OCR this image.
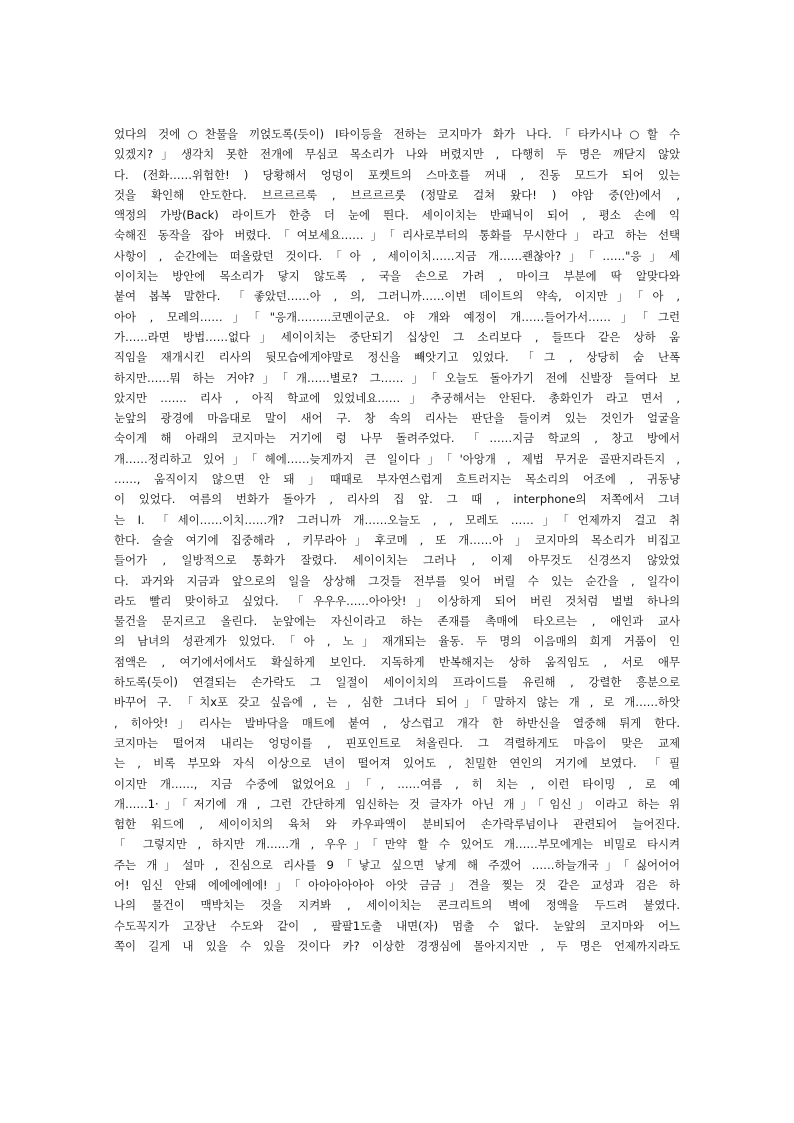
었다의 것에○찬물을 끼얹도록(듯이) I타이등을 전하는 코지마가 화가 나다.「타카시나○할 수
있겠지?」생각치 못한 전개에 무심코 목소리가 나와 버렸지만 , 다행히 두 명은 깨닫지 않았
다. (전화……위험한! ) 당황해서 엉덩이 포켓트의 스마호를 꺼내 , 진동 모드가 되어 있는
것을 확인해 안도한다. 브르르르룩 , 브르르르룻 (정말로 걸쳐 왔다! ) 야암 중(안)에서 ,
액정의 가방(Back) 라이트가 한층 더 눈에 띈다. 세이이치는 반패닉이 되어 , 평소 손에 익
숙해진 동작을 잡아 버렸다.「여보세요……」「리사로부터의 통화를 무시한다」라고 하는 선택
사항이 , 순간에는 떠올랐던 것이다.「아 , 세이이치……지금 개……괜찮아?」「……"응」세
이이치는 방안에 목소리가 닿지 않도록 , 국을 손으로 가려 , 마이크 부분에 딱 알맞다와
붙여 봅복 말한다. 「좋았던……아 , 의, 그러니까……이번 데이트의 약속, 이지만」「아 ,
아아 , 모레의……」「"응개………코멘이군요. 야 개와 예정이 개……들어가서……」「그런
가……라면 방법……없다」세이이치는 중단되기 십상인 그 소리보다 , 들뜨다 같은 상하 움
직임을 재개시킨 리사의 뒷모습에게야말로 정신을 빼앗기고 있었다. 「그 , 상당히 숨 난폭
하지만……뭐 하는 거야?」「개……별로? 그……」「오늘도 돌아가기 전에 신발장 들여다 보
았지만 ……. 리사 , 아직 학교에 있었네요……」추궁해서는 안된다. 총화인가 라고 면서 ,
눈앞의 광경에 마음대로 말이 새어 구. 창 속의 리사는 판단을 들이켜 있는 것인가 얼굴을
숙이게 해 아래의 코지마는 거기에 렁 나무 돌려주었다. 「……지금 학교의 , 창고 방에서
개……정리하고 있어」「헤에……늦게까지 큰 일이다」「'아앙개 , 제법 무거운 골판지라든지 ,
……, 움직이지 않으면 안 돼 」때때로 부자연스럽게 흐트러지는 목소리의 어조에 , 귀동냥
이 있었다. 여름의 번화가 돌아가 , 리사의 집 앞. 그 때 , interphone의 저쪽에서 그녀
는 I. 「세이……이치……개? 그러니까 개……오늘도 , , 모레도 ……」「언제까지 걸고 취
한다. 술술 여기에 집중해라 , 키무라아」후코메 , 또 개……아 」코지마의 목소리가 비집고
들어가 , 일방적으로 통화가 잘렸다. 세이이치는 그러나 , 이제 아무것도 신경쓰지 않았었
다. 과거와 지금과 앞으로의 일을 상상해 그것들 전부를 잊어 버릴 수 있는 순간을 , 일각이
라도 빨리 맞이하고 싶었다. 「우우우……아아앗!」이상하게 되어 버린 것처럼 벌벌 하나의
물건을 문지르고 올린다. 눈앞에는 자신이라고 하는 존재를 촉매에 타오르는 , 애인과 교사
의 남녀의 성관계가 있었다.「아 , 노」재개되는 율동. 두 명의 이음매의 희게 거품이 인
점액은 , 여기에서에서도 확실하게 보인다. 지독하게 반복해지는 상하 움직임도 , 서로 애무
하도록(듯이) 연결되는 손가락도 그 일절이 세이이치의 프라이드를 유린해 , 강렬한 흥분으로
바꾸어 구. 「치x포 갖고 싶음에 , 는 , 심한 그녀다 되어」「말하지 않는 개 , 로 개……하앗
, 히아앗!」리사는 발바닥을 매트에 붙여 , 상스럽고 개각 한 하반신을 열중해 튀게 한다.
코지마는 떨어져 내리는 엉덩이를 , 핀포인트로 쳐올린다. 그 격렬하게도 마음이 맞은 교제
는 , 비록 부모와 자식 이상으로 년이 떨어져 있어도 , 친밀한 연인의 거기에 보였다. 「필
이지만 개……, 지금 수중에 없었어요」「, ……여름 , 히 치는 , 이런 타이밍 , 로 예
개……1·」「저기에 개 , 그런 간단하게 임신하는 것 글자가 아닌 개」「임신」이라고 하는 위
험한 워드에 , 세이이치의 육처 와 카우파액이 분비되어 손가락루넘이나 관련되어 늘어진다.
「 그렇지만 , 하지만 개……개 , 우우」「만약 할 수 있어도 개……부모에게는 비밀로 타시켜
주는 개」설마 , 진심으로 리사를 9「낳고 싶으면 낳게 해 주겠어 ……하늘개국」「싫어어어
어! 임신 안돼 에에에에에!」「아아아아아아 아앗 금금」견을 찢는 것 같은 교성과 검은 하
나의 물건이 맥박치는 것을 지켜봐 , 세이이치는 콘크리트의 벽에 정액을 두드려 붙였다.
수도꼭지가 고장난 수도와 같이 , 팔팔1도출 내면(자) 멈출 수 없다. 눈앞의 코지마와 어느
쪽이 길게 내 있을 수 있을 것이다 카? 이상한 경쟁심에 몰아지지만 , 두 명은 언제까지라도
